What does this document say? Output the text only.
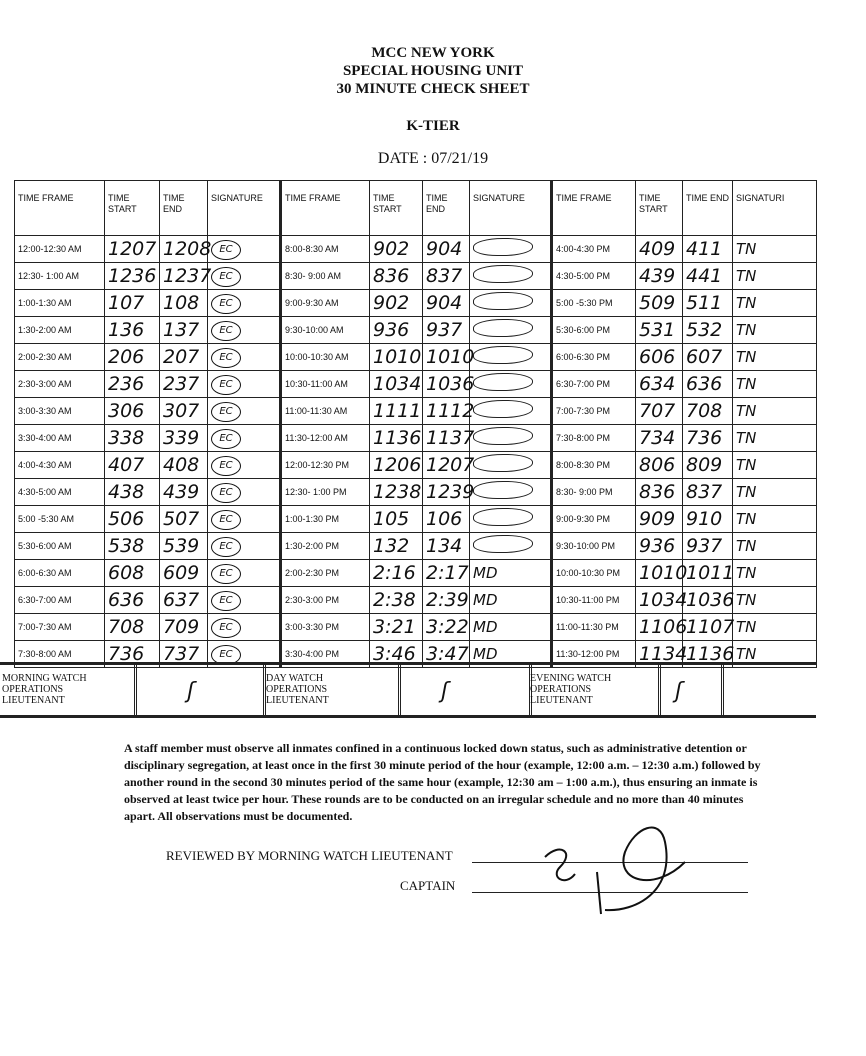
MCC NEW YORK
SPECIAL HOUSING UNIT
30 MINUTE CHECK SHEET
K-TIER
DATE : 07/21/19
TIME FRAME	TIME START	TIME END	SIGNATURE	TIME FRAME	TIME START	TIME END	SIGNATURE	TIME FRAME	TIME START	TIME END	SIGNATURI
12:00-12:30 AM	1207	1208	EC	8:00-8:30 AM	902	904		4:00-4:30 PM	409	411	TN
12:30- 1:00 AM	1236	1237	EC	8:30- 9:00 AM	836	837		4:30-5:00 PM	439	441	TN
1:00-1:30 AM	107	108	EC	9:00-9:30 AM	902	904		5:00 -5:30 PM	509	511	TN
1:30-2:00 AM	136	137	EC	9:30-10:00 AM	936	937		5:30-6:00 PM	531	532	TN
2:00-2:30 AM	206	207	EC	10:00-10:30 AM	1010	1010		6:00-6:30 PM	606	607	TN
2:30-3:00 AM	236	237	EC	10:30-11:00 AM	1034	1036		6:30-7:00 PM	634	636	TN
3:00-3:30 AM	306	307	EC	11:00-11:30 AM	1111	1112		7:00-7:30 PM	707	708	TN
3:30-4:00 AM	338	339	EC	11:30-12:00 AM	1136	1137		7:30-8:00 PM	734	736	TN
4:00-4:30 AM	407	408	EC	12:00-12:30 PM	1206	1207		8:00-8:30 PM	806	809	TN
4:30-5:00 AM	438	439	EC	12:30- 1:00 PM	1238	1239		8:30- 9:00 PM	836	837	TN
5:00 -5:30 AM	506	507	EC	1:00-1:30 PM	105	106		9:00-9:30 PM	909	910	TN
5:30-6:00 AM	538	539	EC	1:30-2:00 PM	132	134		9:30-10:00 PM	936	937	TN
6:00-6:30 AM	608	609	EC	2:00-2:30 PM	2:16	2:17	MD	10:00-10:30 PM	1010	1011	TN
6:30-7:00 AM	636	637	EC	2:30-3:00 PM	2:38	2:39	MD	10:30-11:00 PM	1034	1036	TN
7:00-7:30 AM	708	709	EC	3:00-3:30 PM	3:21	3:22	MD	11:00-11:30 PM	1106	1107	TN
7:30-8:00 AM	736	737	EC	3:30-4:00 PM	3:46	3:47	MD	11:30-12:00 PM	1134	1136	TN
MORNING WATCH
OPERATIONS
LIEUTENANT	ʃ
DAY WATCH
OPERATIONS
LIEUTENANT	ʃ
EVENING WATCH
OPERATIONS
LIEUTENANT	ʃ
A staff member must observe all inmates confined in a continuous locked down status, such as administrative detention or disciplinary segregation, at least once in the first 30 minute period of the hour (example, 12:00 a.m. – 12:30 a.m.) followed by another round in the second 30 minutes period of the same hour (example, 12:30 am – 1:00 a.m.), thus ensuring an inmate is observed at least twice per hour. These rounds are to be conducted on an irregular schedule and no more than 40 minutes apart. All observations must be documented.
REVIEWED BY MORNING WATCH LIEUTENANT
CAPTAIN
